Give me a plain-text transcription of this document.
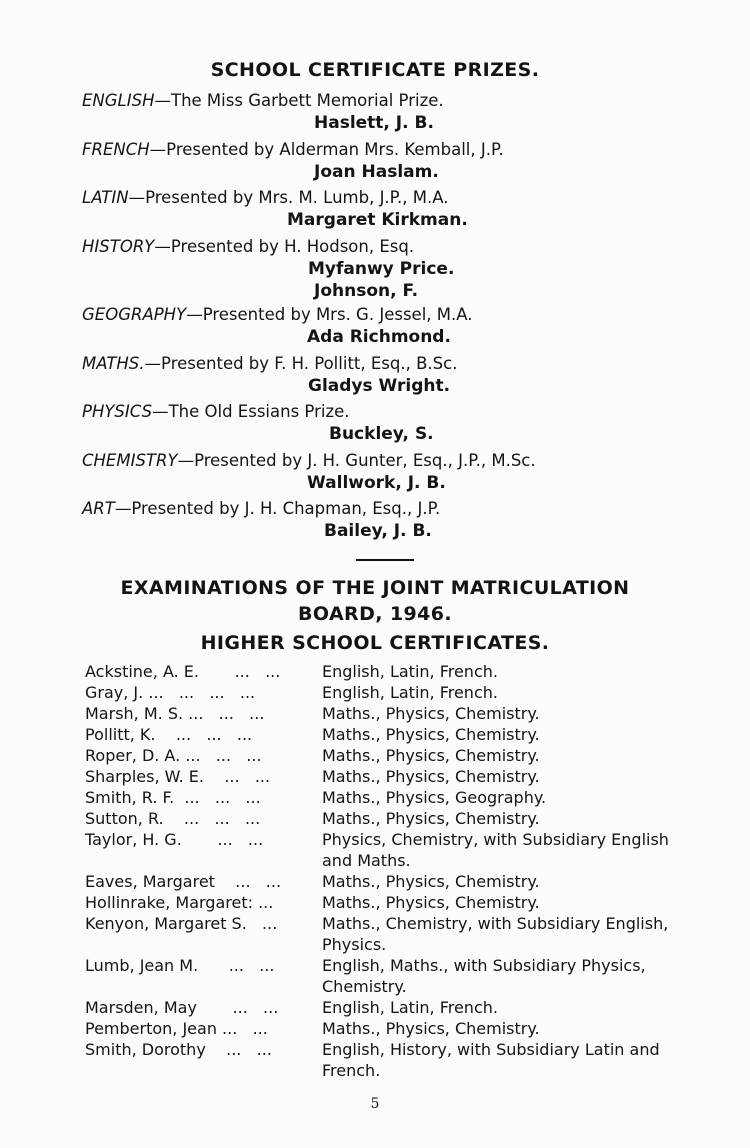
SCHOOL CERTIFICATE PRIZES.
ENGLISH—The Miss Garbett Memorial Prize.
Haslett, J. B.
FRENCH—Presented by Alderman Mrs. Kemball, J.P.
Joan Haslam.
LATIN—Presented by Mrs. M. Lumb, J.P., M.A.
Margaret Kirkman.
HISTORY—Presented by H. Hodson, Esq.
Myfanwy Price.
Johnson, F.
GEOGRAPHY—Presented by Mrs. G. Jessel, M.A.
Ada Richmond.
MATHS.—Presented by F. H. Pollitt, Esq., B.Sc.
Gladys Wright.
PHYSICS—The Old Essians Prize.
Buckley, S.
CHEMISTRY—Presented by J. H. Gunter, Esq., J.P., M.Sc.
Wallwork, J. B.
ART—Presented by J. H. Chapman, Esq., J.P.
Bailey, J. B.
EXAMINATIONS OF THE JOINT MATRICULATION
BOARD, 1946.
HIGHER SCHOOL CERTIFICATES.
Ackstine, A. E.       ...   ...	English, Latin, French.
Gray, J. ...   ...   ...   ...	English, Latin, French.
Marsh, M. S. ...   ...   ...	Maths., Physics, Chemistry.
Pollitt, K.    ...   ...   ...	Maths., Physics, Chemistry.
Roper, D. A. ...   ...   ...	Maths., Physics, Chemistry.
Sharples, W. E.    ...   ...	Maths., Physics, Chemistry.
Smith, R. F.  ...   ...   ...	Maths., Physics, Geography.
Sutton, R.    ...   ...   ...	Maths., Physics, Chemistry.
Taylor, H. G.       ...   ...	Physics, Chemistry, with Subsidiary English and Maths.
Eaves, Margaret    ...   ...	Maths., Physics, Chemistry.
Hollinrake, Margaret: ...	Maths., Physics, Chemistry.
Kenyon, Margaret S.   ...	Maths., Chemistry, with Subsidiary English, Physics.
Lumb, Jean M.      ...   ...	English, Maths., with Subsidiary Physics, Chemistry.
Marsden, May       ...   ...	English, Latin, French.
Pemberton, Jean ...   ...	Maths., Physics, Chemistry.
Smith, Dorothy    ...   ...	English, History, with Subsidiary Latin and French.
5
